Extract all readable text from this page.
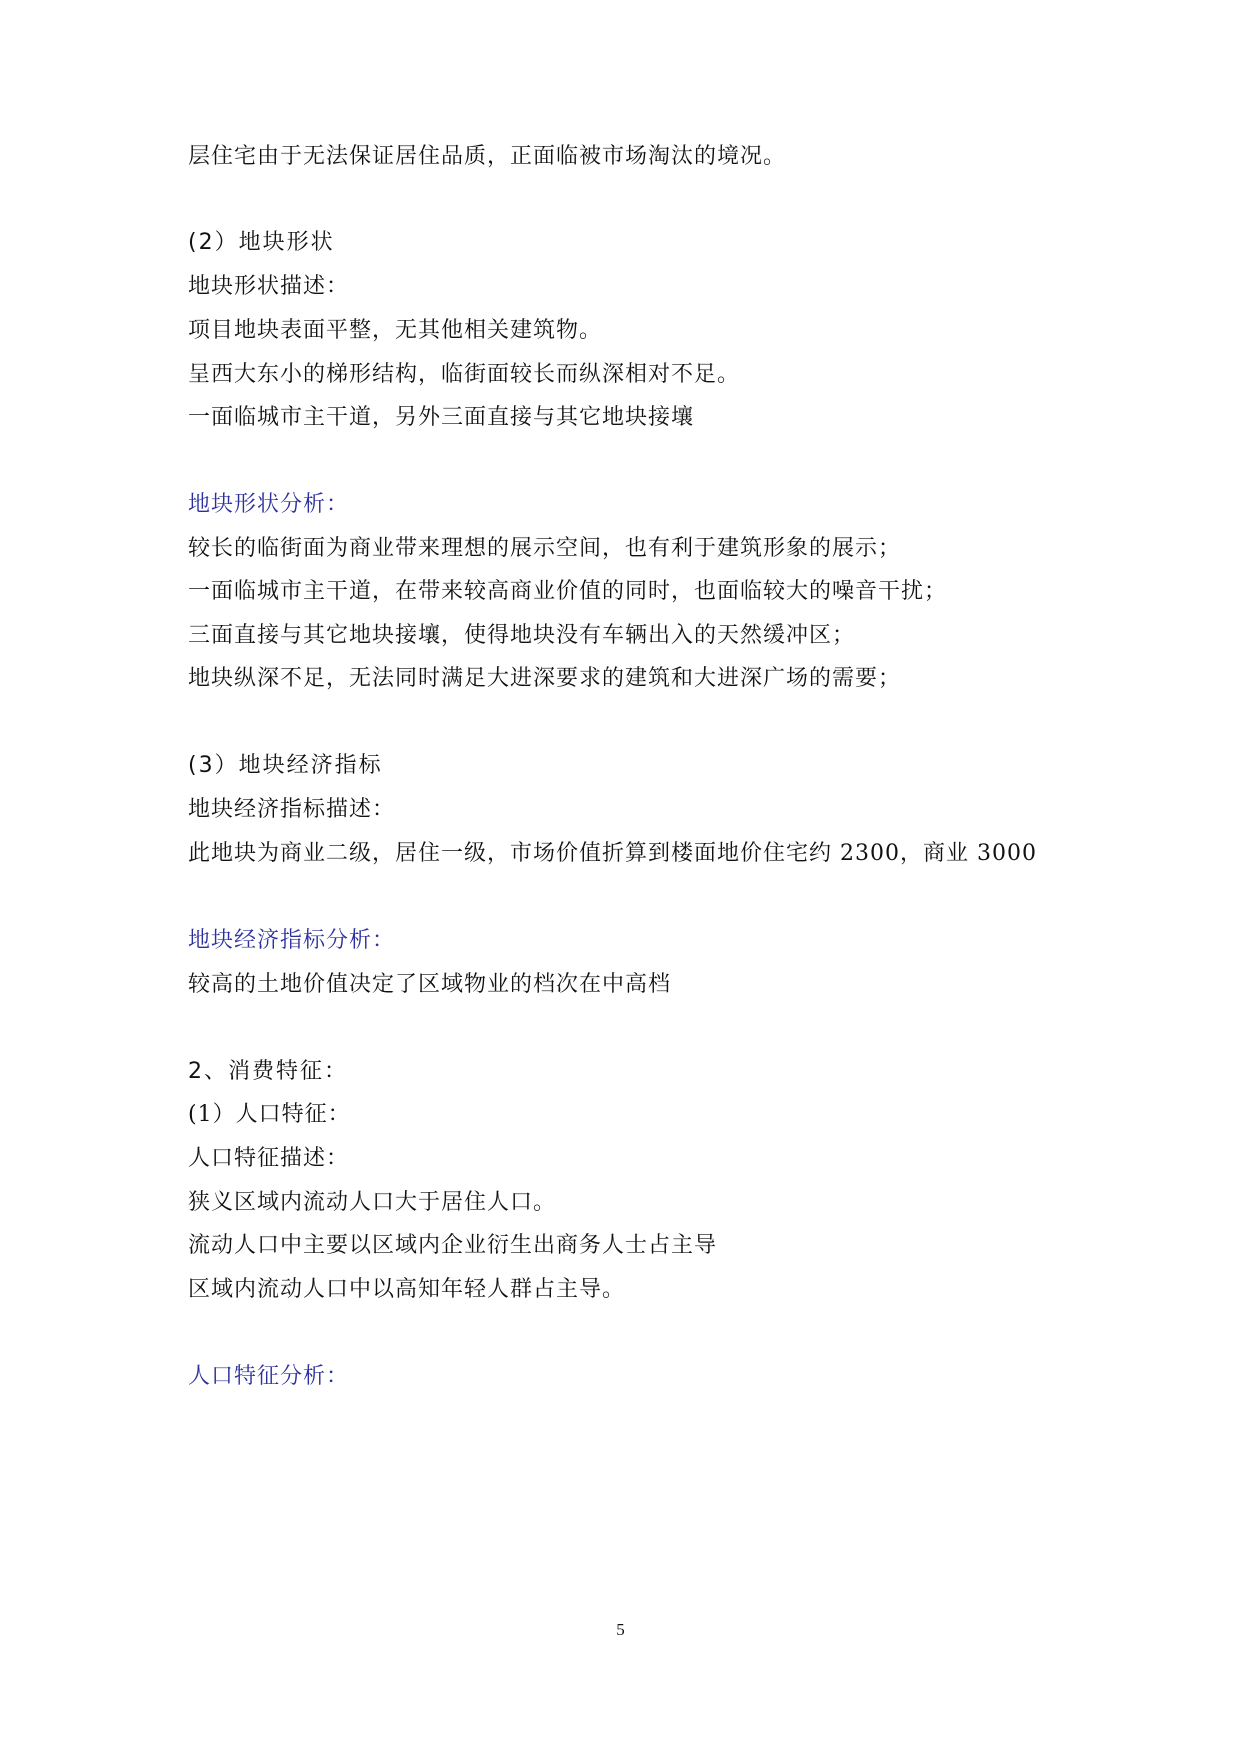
层住宅由于无法保证居住品质，正面临被市场淘汰的境况。
(2）地块形状
地块形状描述：
项目地块表面平整，无其他相关建筑物。
呈西大东小的梯形结构，临街面较长而纵深相对不足。
一面临城市主干道，另外三面直接与其它地块接壤
地块形状分析：
较长的临街面为商业带来理想的展示空间，也有利于建筑形象的展示；
一面临城市主干道，在带来较高商业价值的同时，也面临较大的噪音干扰；
三面直接与其它地块接壤，使得地块没有车辆出入的天然缓冲区；
地块纵深不足，无法同时满足大进深要求的建筑和大进深广场的需要；
(3）地块经济指标
地块经济指标描述：
此地块为商业二级，居住一级，市场价值折算到楼面地价住宅约 2300，商业 3000
地块经济指标分析：
较高的土地价值决定了区域物业的档次在中高档
2、消费特征：
(1）人口特征：
人口特征描述：
狭义区域内流动人口大于居住人口。
流动人口中主要以区域内企业衍生出商务人士占主导
区域内流动人口中以高知年轻人群占主导。
人口特征分析：
5
